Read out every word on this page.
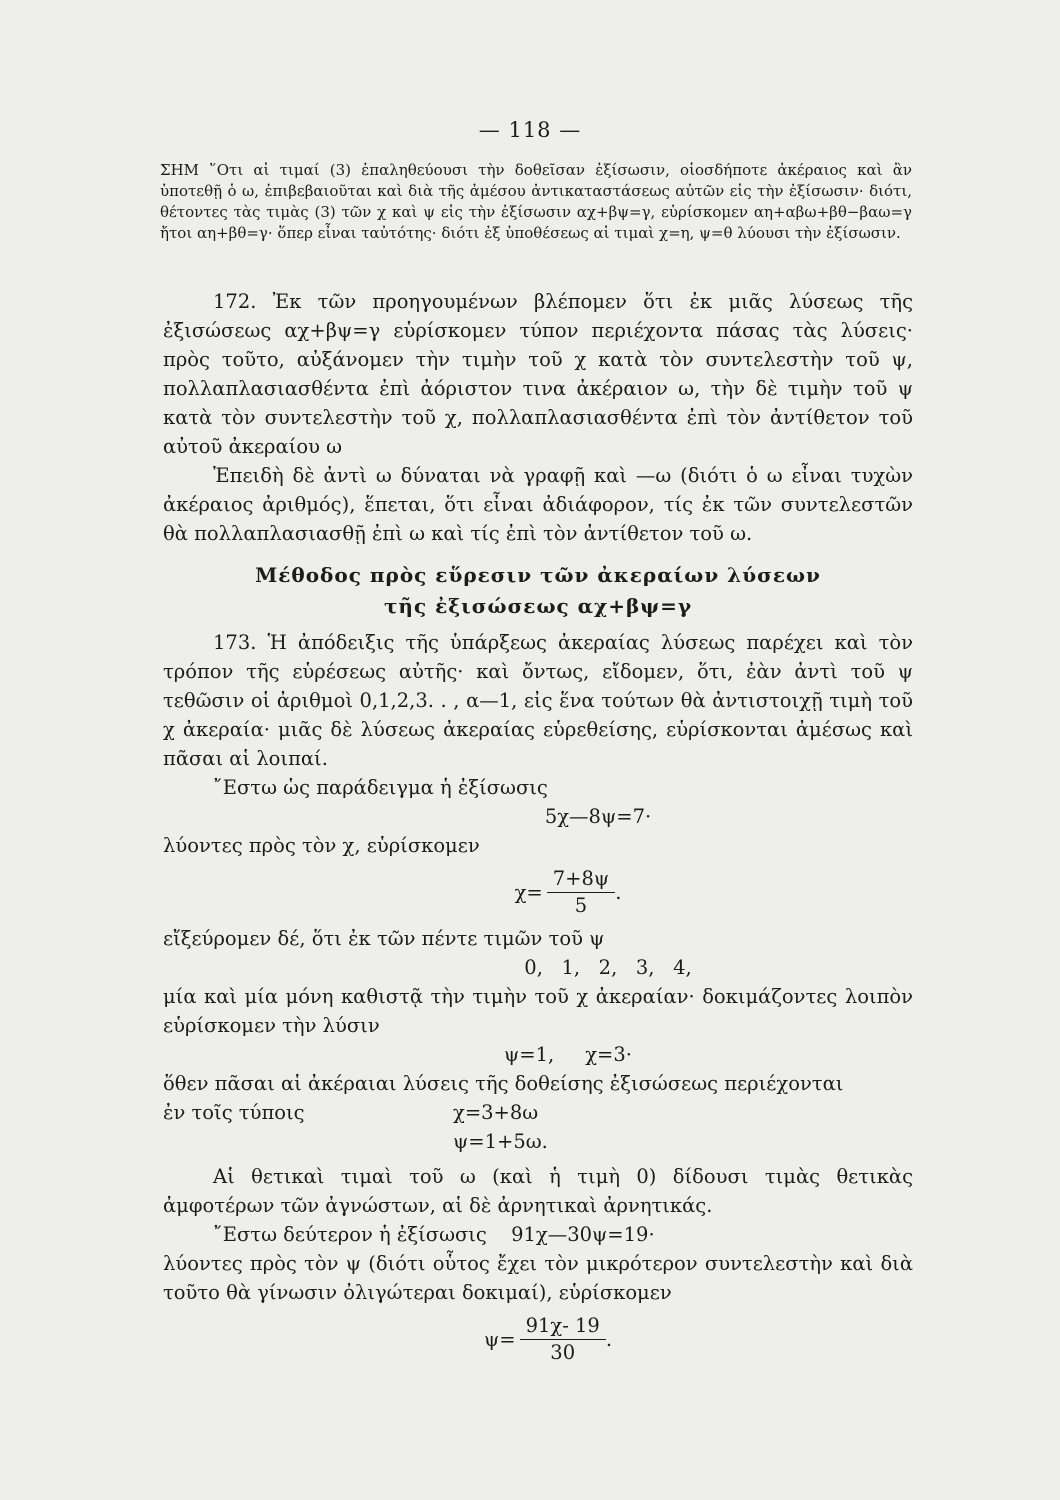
— 118 —
ΣΗΜ ῞Οτι αἱ τιμαί (3) ἐπαληθεύουσι τὴν δοθεῖσαν ἐξίσωσιν, οἱοσδήποτε ἀκέραιος καὶ ἂν ὑποτεθῇ ὁ ω, ἐπιβεβαιοῦται καὶ διὰ τῆς ἀμέσου ἀντικαταστάσεως αὐτῶν εἰς τὴν ἐξίσωσιν· διότι, θέτοντες τὰς τιμὰς (3) τῶν χ καὶ ψ εἰς τὴν ἐξίσωσιν αχ+βψ=γ, εὑρίσκομεν αη+αβω+βθ−βαω=γ ἤτοι αη+βθ=γ· ὅπερ εἶναι ταὐτότης· διότι ἐξ ὑποθέσεως αἱ τιμαὶ χ=η, ψ=θ λύουσι τὴν ἐξίσωσιν.

172. Ἐκ τῶν προηγουμένων βλέπομεν ὅτι ἐκ μιᾶς λύσεως τῆς ἐξισώσεως αχ+βψ=γ εὑρίσκομεν τύπον περιέχοντα πάσας τὰς λύσεις· πρὸς τοῦτο, αὐξάνομεν τὴν τιμὴν τοῦ χ κατὰ τὸν συντελεστὴν τοῦ ψ, πολλαπλασιασθέντα ἐπὶ ἀόριστον τινα ἀκέραιον ω, τὴν δὲ τιμὴν τοῦ ψ κατὰ τὸν συντελεστὴν τοῦ χ, πολλαπλασιασθέντα ἐπὶ τὸν ἀντίθετον τοῦ αὐτοῦ ἀκεραίου ω

Ἐπειδὴ δὲ ἀντὶ ω δύναται νὰ γραφῇ καὶ —ω (διότι ὁ ω εἶναι τυχὼν ἀκέραιος ἀριθμός), ἕπεται, ὅτι εἶναι ἀδιάφορον, τίς ἐκ τῶν συντελεστῶν θὰ πολλαπλασιασθῇ ἐπὶ ω καὶ τίς ἐπὶ τὸν ἀντίθετον τοῦ ω.

Μέθοδος πρὸς εὕρεσιν τῶν ἀκεραίων λύσεων
τῆς ἐξισώσεως αχ+βψ=γ

173. Ἡ ἀπόδειξις τῆς ὑπάρξεως ἀκεραίας λύσεως παρέχει καὶ τὸν τρόπον τῆς εὑρέσεως αὐτῆς· καὶ ὄντως, εἴδομεν, ὅτι, ἐὰν ἀντὶ τοῦ ψ τεθῶσιν οἱ ἀριθμοὶ 0,1,2,3. . , α—1, εἰς ἕνα τούτων θὰ ἀντιστοιχῇ τιμὴ τοῦ χ ἀκεραία· μιᾶς δὲ λύσεως ἀκεραίας εὑρεθείσης, εὑρίσκονται ἀμέσως καὶ πᾶσαι αἱ λοιπαί.

῎Εστω ὡς παράδειγμα ἡ ἐξίσωσις

5χ—8ψ=7·

λύοντες πρὸς τὸν χ, εὑρίσκομεν

$\chi= \frac{7+8\psi}{5}$ .

εἴξεύρομεν δέ, ὅτι ἐκ τῶν πέντε τιμῶν τοῦ ψ

0,   1,   2,   3,   4,

μία καὶ μία μόνη καθιστᾷ τὴν τιμὴν τοῦ χ ἀκεραίαν· δοκιμάζοντες λοιπὸν εὑρίσκομεν τὴν λύσιν

ψ=1,     χ=3·

ὅθεν πᾶσαι αἱ ἀκέραιαι λύσεις τῆς δοθείσης ἐξισώσεως περιέχονται

ἐν τοῖς τύποις	χ=3+8ω

ψ=1+5ω.

Αἱ θετικαὶ τιμαὶ τοῦ ω (καὶ ἡ τιμὴ 0) δίδουσι τιμὰς θετικὰς ἀμφοτέρων τῶν ἀγνώστων, αἱ δὲ ἀρνητικαὶ ἀρνητικάς.

῎Εστω δεύτερον ἡ ἐξίσωσις 91χ—30ψ=19·

λύοντες πρὸς τὸν ψ (διότι οὗτος ἔχει τὸν μικρότερον συντελεστὴν καὶ διὰ τοῦτο θὰ γίνωσιν ὀλιγώτεραι δοκιμαί), εὑρίσκομεν

$\psi= \frac{91\chi- 19}{30}$ .
